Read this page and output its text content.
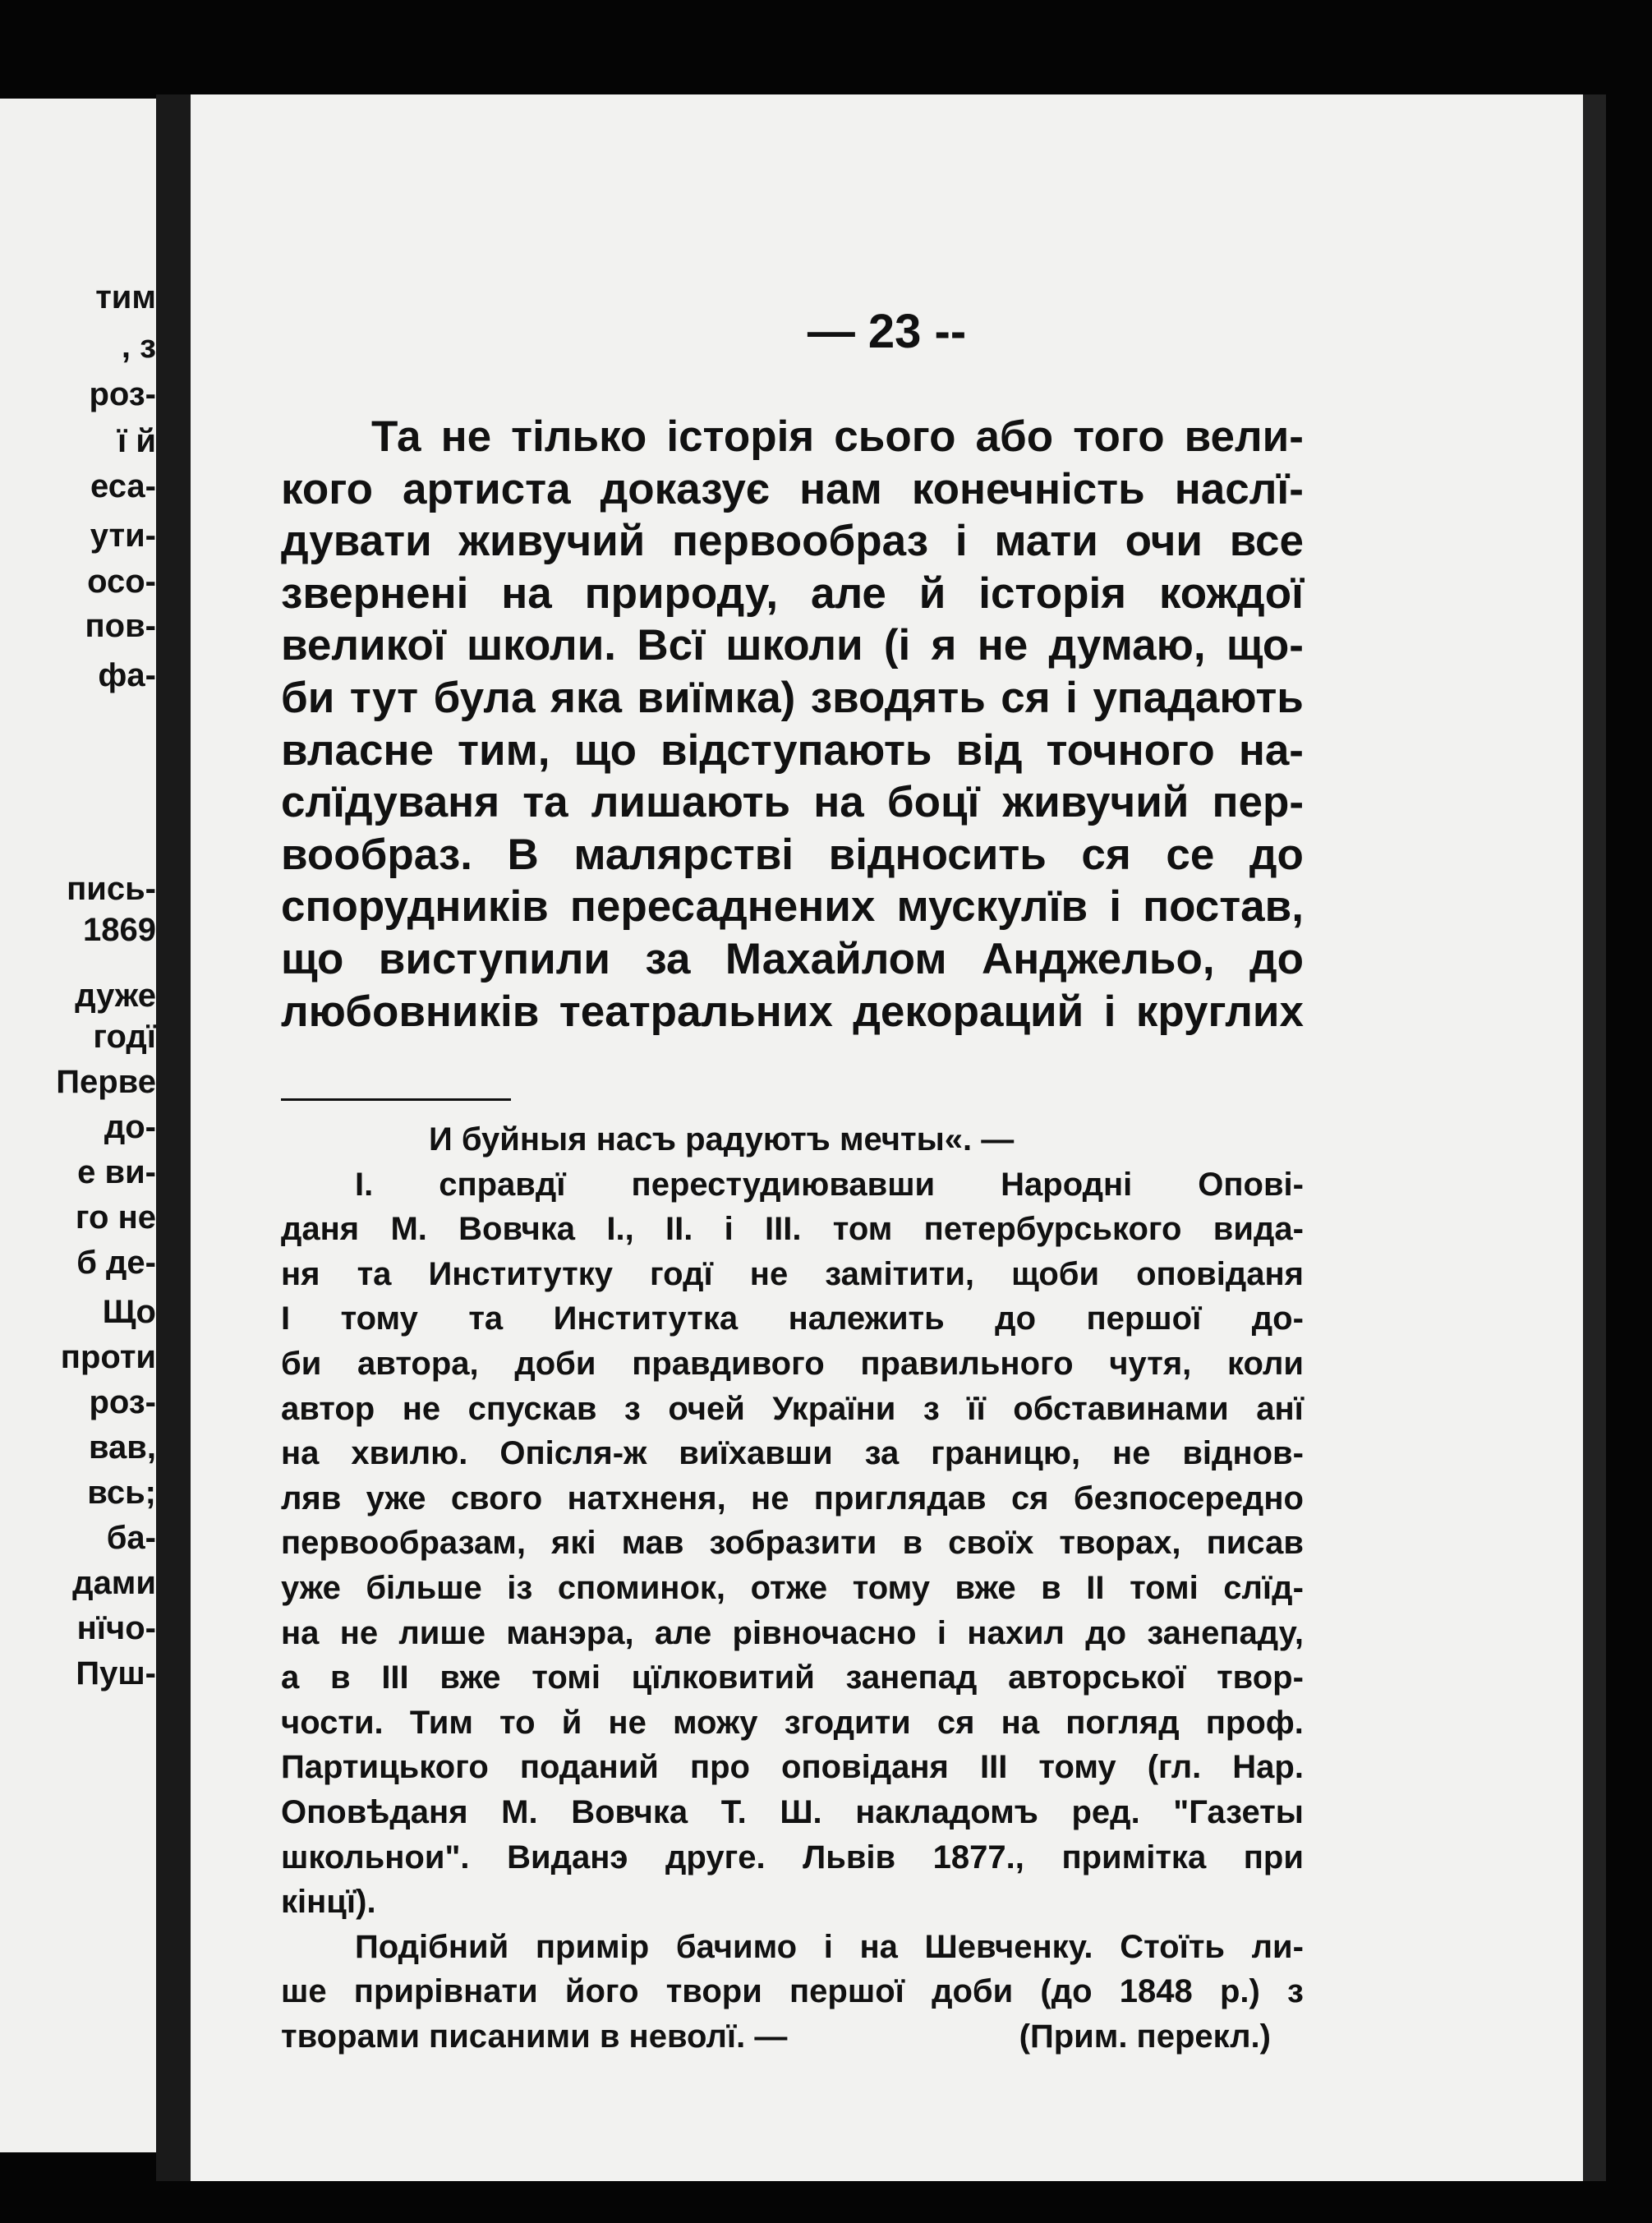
тим
, з
роз-
ї й
еса-
ути-
осо-
пов-
фа-
пись-
1869
дуже
годї
Перве
до-
е ви-
го не
б де-
Що
проти
роз-
вав,
всь;
ба-
дами
нїчо-
Пуш-
— 23 --
Та не тілько історія сього або того вели-
кого артиста доказує нам конечність наслї-
дувати живучий первообраз і мати очи все
звернені на природу, але й історія кождої
великої школи. Всї школи (і я не думаю, що-
би тут була яка виїмка) зводять ся і упадають
власне тим, що відступають від точного на-
слїдуваня та лишають на боцї живучий пер-
вообраз. В малярстві відносить ся се до
спорудників пересаднених мускулїв і постав,
що виступили за Махайлом Анджельо, до
любовників театральних декораций і круглих
И
буйныя
насъ
радуютъ
мечты«.
—
І. справдї перестудиювавши Народні Опові-
даня М. Вовчка І., ІІ. і ІІІ. том петербурського вида-
ня та Институтку годї не замітити, щоби оповіданя
І тому та Институтка належить до першої до-
би автора, доби правдивого правильного чутя, коли
автор не спускав з очей України з її обставинами анї
на хвилю. Опісля-ж виїхавши за границю, не віднов-
ляв уже свого натхненя, не приглядав ся безпосередно
первообразам, які мав зобразити в своїх творах, писав
уже більше із споминок, отже тому вже в ІІ томі слїд-
на не лише манэра, але рівночасно і нахил до занепаду,
а в ІІІ вже томі цїлковитий занепад авторської твор-
чости. Тим то й не можу згодити ся на погляд проф.
Партицького поданий про оповіданя ІІІ тому (гл. Нар.
Оповѣданя М. Вовчка Т. Ш. накладомъ ред. "Газеты
школьнои". Виданэ друге. Львів 1877., примітка при
кінцї).
Подібний примір бачимо і на Шевченку. Стоїть ли-
ше прирівнати його твори першої доби (до 1848 р.) з
творами писаними в неволї. —	(Прим. перекл.)
